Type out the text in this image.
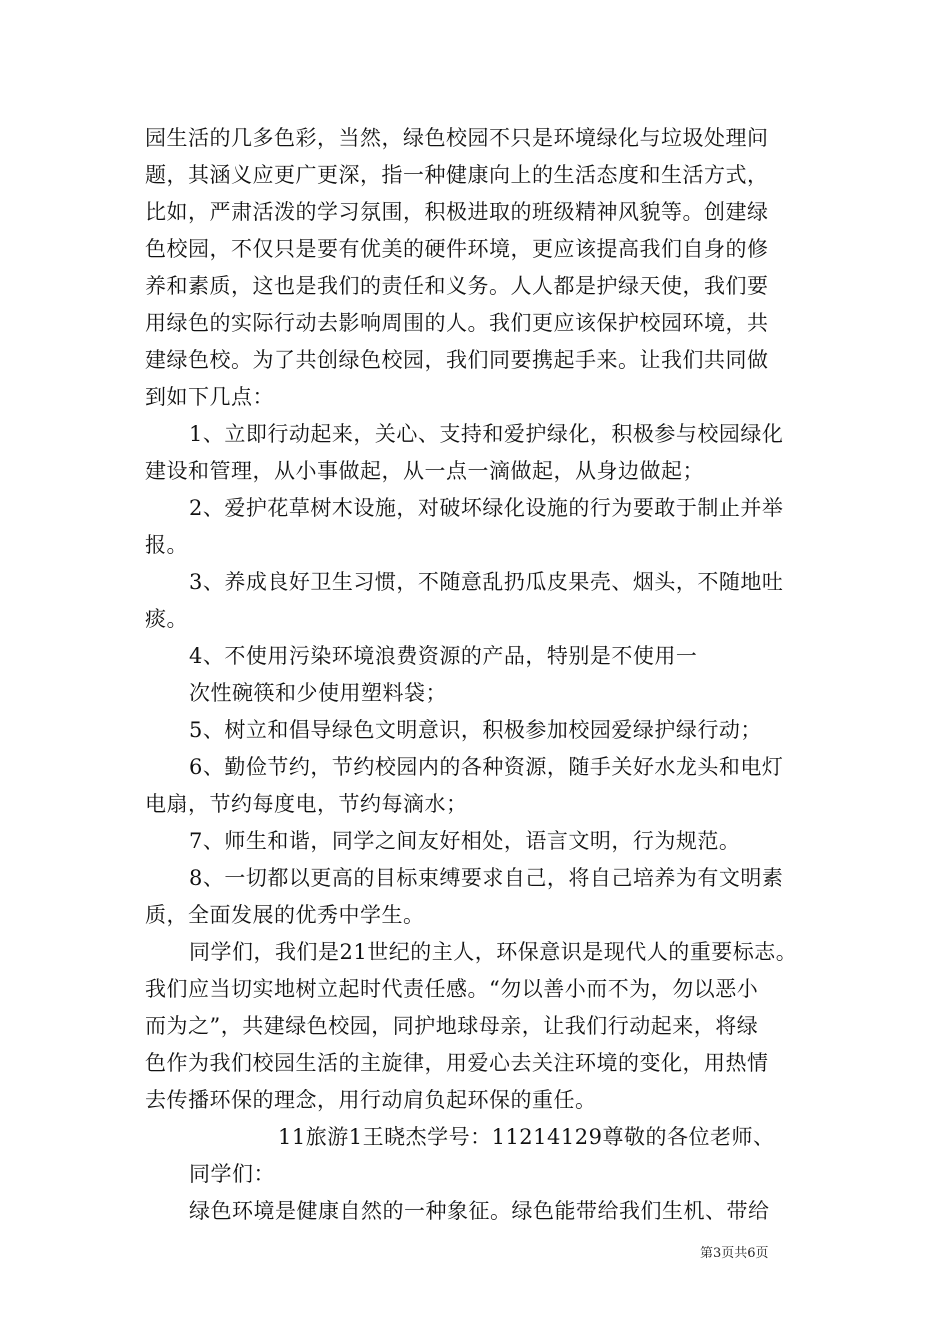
园生活的几多色彩，当然，绿色校园不只是环境绿化与垃圾处理问
题，其涵义应更广更深，指一种健康向上的生活态度和生活方式，
比如，严肃活泼的学习氛围，积极进取的班级精神风貌等。创建绿
色校园，不仅只是要有优美的硬件环境，更应该提高我们自身的修
养和素质，这也是我们的责任和义务。人人都是护绿天使，我们要
用绿色的实际行动去影响周围的人。我们更应该保护校园环境，共
建绿色校。为了共创绿色校园，我们同要携起手来。让我们共同做
到如下几点：
1、立即行动起来，关心、支持和爱护绿化，积极参与校园绿化
建设和管理，从小事做起，从一点一滴做起，从身边做起；
2、爱护花草树木设施，对破坏绿化设施的行为要敢于制止并举
报。
3、养成良好卫生习惯，不随意乱扔瓜皮果壳、烟头，不随地吐
痰。
4、不使用污染环境浪费资源的产品，特别是不使用一
次性碗筷和少使用塑料袋；
5、树立和倡导绿色文明意识，积极参加校园爱绿护绿行动；
6、勤俭节约，节约校园内的各种资源，随手关好水龙头和电灯
电扇，节约每度电，节约每滴水；
7、师生和谐，同学之间友好相处，语言文明，行为规范。
8、一切都以更高的目标束缚要求自己，将自己培养为有文明素
质，全面发展的优秀中学生。
同学们，我们是21世纪的主人，环保意识是现代人的重要标志。
我们应当切实地树立起时代责任感。“勿以善小而不为，勿以恶小
而为之”，共建绿色校园，同护地球母亲，让我们行动起来，将绿
色作为我们校园生活的主旋律，用爱心去关注环境的变化，用热情
去传播环保的理念，用行动肩负起环保的重任。
11旅游1王晓杰学号：11214129尊敬的各位老师、
同学们：
绿色环境是健康自然的一种象征。绿色能带给我们生机、带给
第3页共6页
